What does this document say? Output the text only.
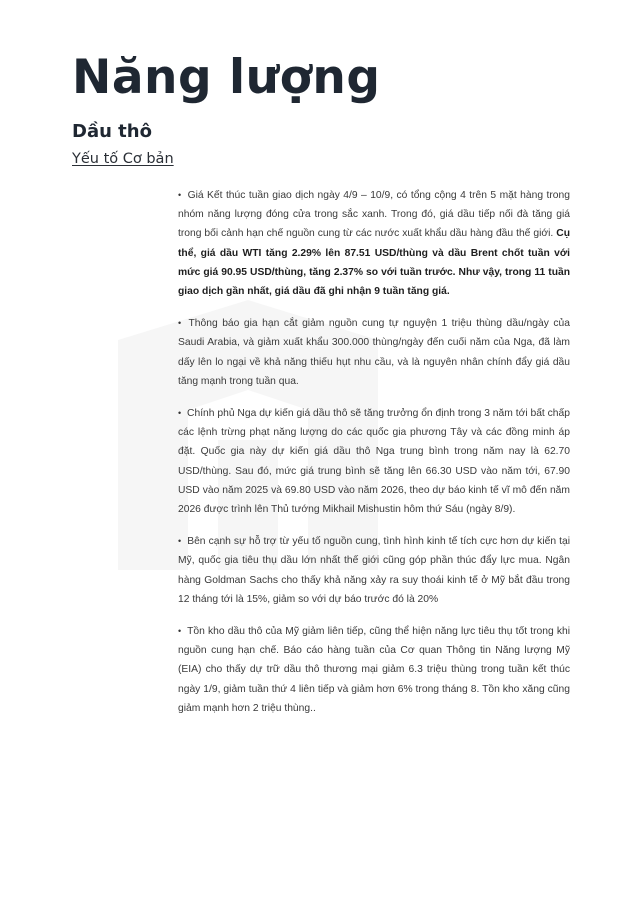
Năng lượng
Dầu thô
Yếu tố Cơ bản

• Giá Kết thúc tuần giao dịch ngày 4/9 – 10/9, có tổng cộng 4 trên 5 mặt hàng trong nhóm năng lượng đóng cửa trong sắc xanh. Trong đó, giá dầu tiếp nối đà tăng giá trong bối cảnh hạn chế nguồn cung từ các nước xuất khẩu dầu hàng đầu thế giới. Cụ thể, giá dầu WTI tăng 2.29% lên 87.51 USD/thùng và dầu Brent chốt tuần với mức giá 90.95 USD/thùng, tăng 2.37% so với tuần trước. Như vậy, trong 11 tuần giao dịch gần nhất, giá dầu đã ghi nhận 9 tuần tăng giá.

• Thông báo gia hạn cắt giảm nguồn cung tự nguyện 1 triệu thùng dầu/ngày của Saudi Arabia, và giảm xuất khẩu 300.000 thùng/ngày đến cuối năm của Nga, đã làm dấy lên lo ngại về khả năng thiếu hụt nhu cầu, và là nguyên nhân chính đẩy giá dầu tăng mạnh trong tuần qua.

• Chính phủ Nga dự kiến giá dầu thô sẽ tăng trưởng ổn định trong 3 năm tới bất chấp các lệnh trừng phạt năng lượng do các quốc gia phương Tây và các đồng minh áp đặt. Quốc gia này dự kiến giá dầu thô Nga trung bình trong năm nay là 62.70 USD/thùng. Sau đó, mức giá trung bình sẽ tăng lên 66.30 USD vào năm tới, 67.90 USD vào năm 2025 và 69.80 USD vào năm 2026, theo dự báo kinh tế vĩ mô đến năm 2026 được trình lên Thủ tướng Mikhail Mishustin hôm thứ Sáu (ngày 8/9).

• Bên cạnh sự hỗ trợ từ yếu tố nguồn cung, tình hình kinh tế tích cực hơn dự kiến tại Mỹ, quốc gia tiêu thụ dầu lớn nhất thế giới cũng góp phần thúc đẩy lực mua. Ngân hàng Goldman Sachs cho thấy khả năng xảy ra suy thoái kinh tế ở Mỹ bắt đầu trong 12 tháng tới là 15%, giảm so với dự báo trước đó là 20%

• Tồn kho dầu thô của Mỹ giảm liên tiếp, cũng thể hiện năng lực tiêu thụ tốt trong khi nguồn cung hạn chế. Báo cáo hàng tuần của Cơ quan Thông tin Năng lượng Mỹ (EIA) cho thấy dự trữ dầu thô thương mại giảm 6.3 triệu thùng trong tuần kết thúc ngày 1/9, giảm tuần thứ 4 liên tiếp và giảm hơn 6% trong tháng 8. Tồn kho xăng cũng giảm mạnh hơn 2 triệu thùng..
